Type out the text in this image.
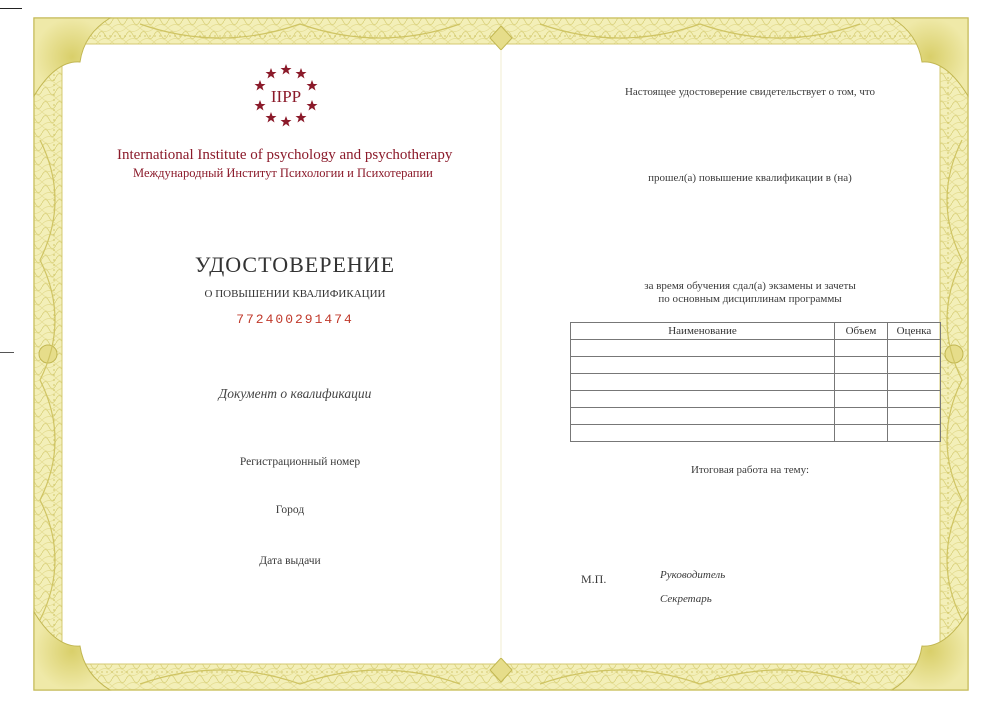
IIPP
International Institute of psychology and psychotherapy
Международный Институт Психологии и Психотерапии
УДОСТОВЕРЕНИЕ
О ПОВЫШЕНИИ КВАЛИФИКАЦИИ
772400291474
Документ о квалификации
Регистрационный номер
Город
Дата выдачи
Настоящее удостоверение свидетельствует о том, что
прошел(а) повышение квалификации в (на)
за время обучения сдал(а) экзамены и зачеты
по основным дисциплинам программы
Наименование	Объем	Оценка

Итоговая работа на тему:
М.П.	Руководитель
Секретарь
